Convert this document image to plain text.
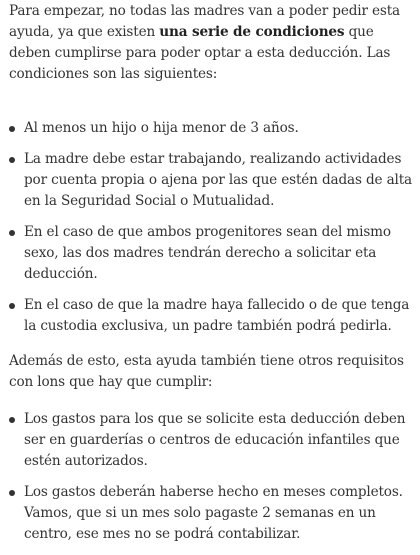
Para empezar, no todas las madres van a poder pedir esta ayuda, ya que existen una serie de condiciones que deben cumplirse para poder optar a esta deducción. Las condiciones son las siguientes:

Al menos un hijo o hija menor de 3 años.
La madre debe estar trabajando, realizando actividades por cuenta propia o ajena por las que estén dadas de alta en la Seguridad Social o Mutualidad.
En el caso de que ambos progenitores sean del mismo sexo, las dos madres tendrán derecho a solicitar eta deducción.
En el caso de que la madre haya fallecido o de que tenga la custodia exclusiva, un padre también podrá pedirla.

Además de esto, esta ayuda también tiene otros requisitos con lons que hay que cumplir:

Los gastos para los que se solicite esta deducción deben ser en guarderías o centros de educación infantiles que estén autorizados.
Los gastos deberán haberse hecho en meses completos. Vamos, que si un mes solo pagaste 2 semanas en un centro, ese mes no se podrá contabilizar.
